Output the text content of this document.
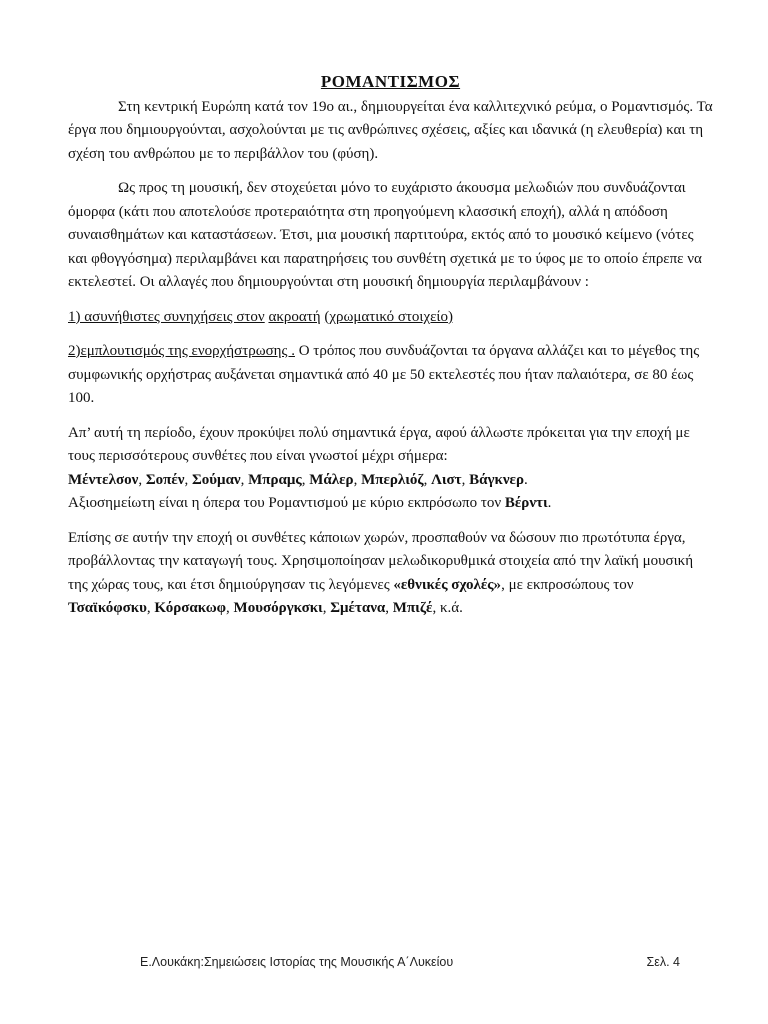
ΡΟΜΑΝΤΙΣΜΟΣ

Στη κεντρική Ευρώπη κατά τον 19ο αι., δημιουργείται ένα καλλιτεχνικό ρεύμα, ο Ρομαντισμός. Τα έργα που δημιουργούνται, ασχολούνται με τις ανθρώπινες σχέσεις, αξίες και ιδανικά (η ελευθερία) και τη σχέση του ανθρώπου με το περιβάλλον του (φύση).

Ως προς τη μουσική, δεν στοχεύεται μόνο το ευχάριστο άκουσμα μελωδιών που συνδυάζονται όμορφα (κάτι που αποτελούσε προτεραιότητα στη προηγούμενη κλασσική εποχή), αλλά η απόδοση συναισθημάτων και καταστάσεων. Έτσι, μια μουσική παρτιτούρα, εκτός από το μουσικό κείμενο (νότες και φθογγόσημα) περιλαμβάνει και παρατηρήσεις του συνθέτη σχετικά με το ύφος με το οποίο έπρεπε να εκτελεστεί. Οι αλλαγές που δημιουργούνται στη μουσική δημιουργία περιλαμβάνουν :

1) ασυνήθιστες συνηχήσεις στον ακροατή (χρωματικό στοιχείο)

2)εμπλουτισμός της ενορχήστρωσης . Ο τρόπος που συνδυάζονται τα όργανα αλλάζει και το μέγεθος της συμφωνικής ορχήστρας αυξάνεται σημαντικά από 40 με 50 εκτελεστές που ήταν παλαιότερα, σε 80 έως 100.

Απ’ αυτή τη περίοδο, έχουν προκύψει πολύ σημαντικά έργα, αφού άλλωστε πρόκειται για την εποχή με τους περισσότερους συνθέτες που είναι γνωστοί μέχρι σήμερα:
Μέντελσον, Σοπέν, Σούμαν, Μπραμς, Μάλερ, Μπερλιόζ, Λιστ, Βάγκνερ.
Αξιοσημείωτη είναι η όπερα του Ρομαντισμού με κύριο εκπρόσωπο τον Βέρντι.

Επίσης σε αυτήν την εποχή οι συνθέτες κάποιων χωρών, προσπαθούν να δώσουν πιο πρωτότυπα έργα, προβάλλοντας την καταγωγή τους. Χρησιμοποίησαν μελωδικορυθμικά στοιχεία από την λαϊκή μουσική της χώρας τους, και έτσι δημιούργησαν τις λεγόμενες «εθνικές σχολές», με εκπροσώπους τον Τσαϊκόφσκυ, Κόρσακωφ, Μουσόργκσκι, Σμέτανα, Μπιζέ, κ.ά.

Ε.Λουκάκη:Σημειώσεις Ιστορίας της Μουσικής Α΄Λυκείου	Σελ. 4
